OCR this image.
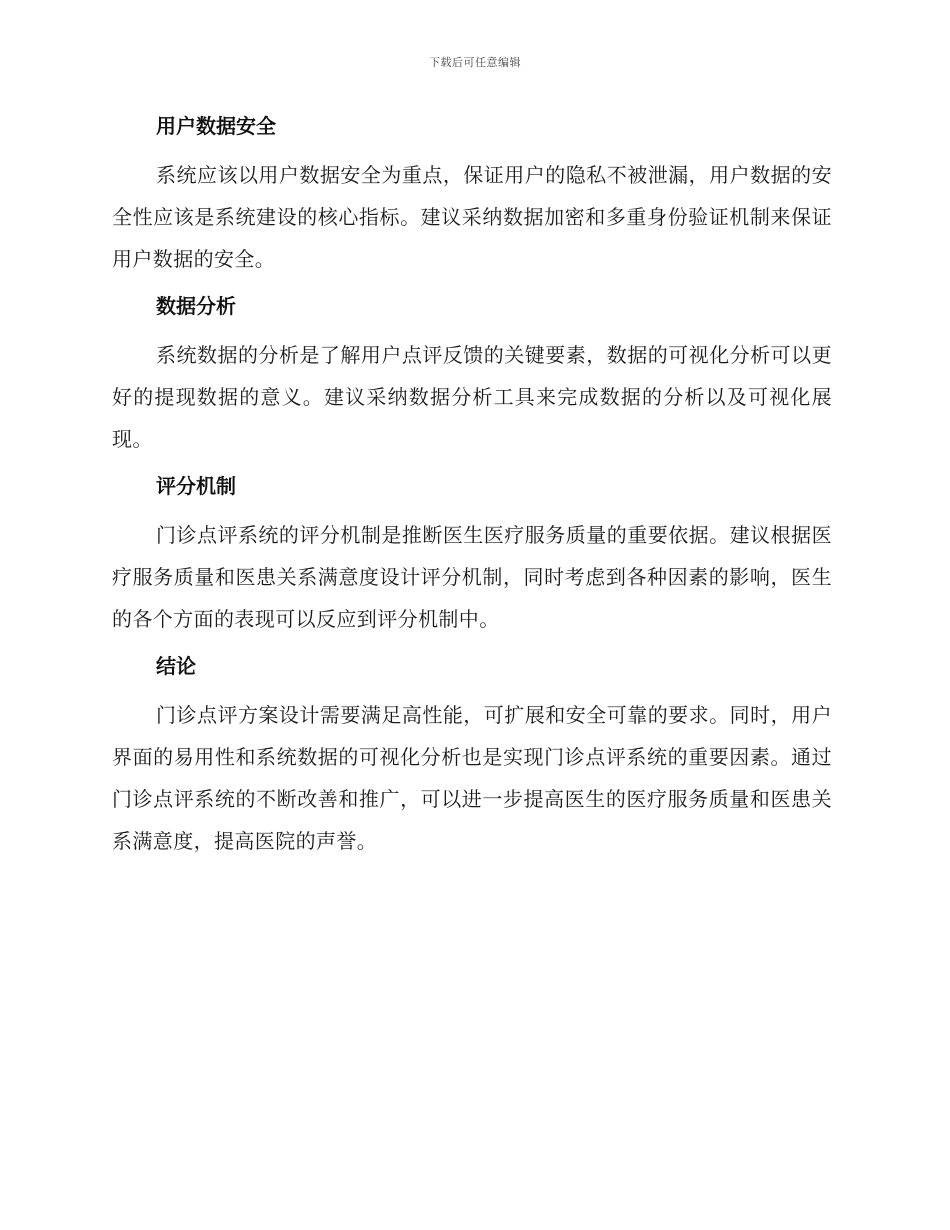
下载后可任意编辑
用户数据安全

系统应该以用户数据安全为重点，保证用户的隐私不被泄漏，用户数据的安全性应该是系统建设的核心指标。建议采纳数据加密和多重身份验证机制来保证用户数据的安全。

数据分析

系统数据的分析是了解用户点评反馈的关键要素，数据的可视化分析可以更好的提现数据的意义。建议采纳数据分析工具来完成数据的分析以及可视化展现。

评分机制

门诊点评系统的评分机制是推断医生医疗服务质量的重要依据。建议根据医疗服务质量和医患关系满意度设计评分机制，同时考虑到各种因素的影响，医生的各个方面的表现可以反应到评分机制中。

结论

门诊点评方案设计需要满足高性能，可扩展和安全可靠的要求。同时，用户界面的易用性和系统数据的可视化分析也是实现门诊点评系统的重要因素。通过门诊点评系统的不断改善和推广，可以进一步提高医生的医疗服务质量和医患关系满意度，提高医院的声誉。
